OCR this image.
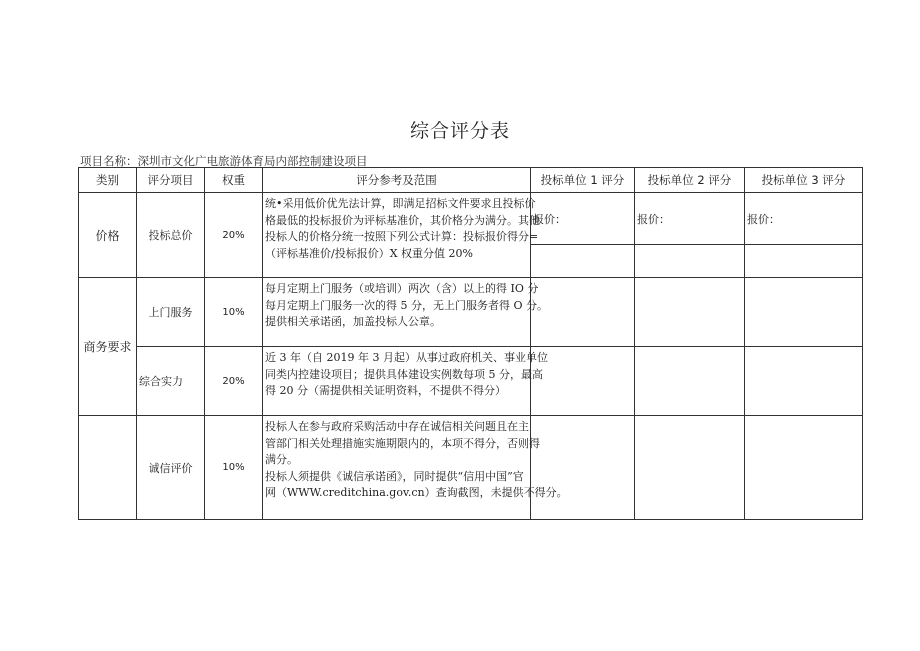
综合评分表
项目名称：深圳市文化广电旅游体育局内部控制建设项目
类别	评分项目	权重	评分参考及范围	投标单位 1 评分	投标单位 2 评分	投标单位 3 评分
价格	投标总价	20%	统•采用低价优先法计算，即满足招标文件要求且投标价
格最低的投标报价为评标基准价，其价格分为满分。其他
投标人的价格分统一按照下列公式计算：投标报价得分=
（评标基准价/投标报价）X 权重分值 20%	报价：	报价：	报价：

商务要求	上门服务	10%	每月定期上门服务（或培训）两次（含）以上的得 IO 分
每月定期上门服务一次的得 5 分，无上门服务者得 O 分。
提供相关承诺函，加盖投标人公章。			

	综合实力	20%	近 3 年（自 2019 年 3 月起）从事过政府机关、事业单位
同类内控建设项目；提供具体建设实例数每项 5 分，最高
得 20 分（需提供相关证明资料，不提供不得分）			

	诚信评价	10%	投标人在参与政府采购活动中存在诚信相关问题且在主
管部门相关处理措施实施期限内的，本项不得分，否则得
满分。
投标人须提供《诚信承诺函》，同时提供“信用中国”官
网（WWW.creditchina.gov.cn）查询截图，未提供不得分。			
